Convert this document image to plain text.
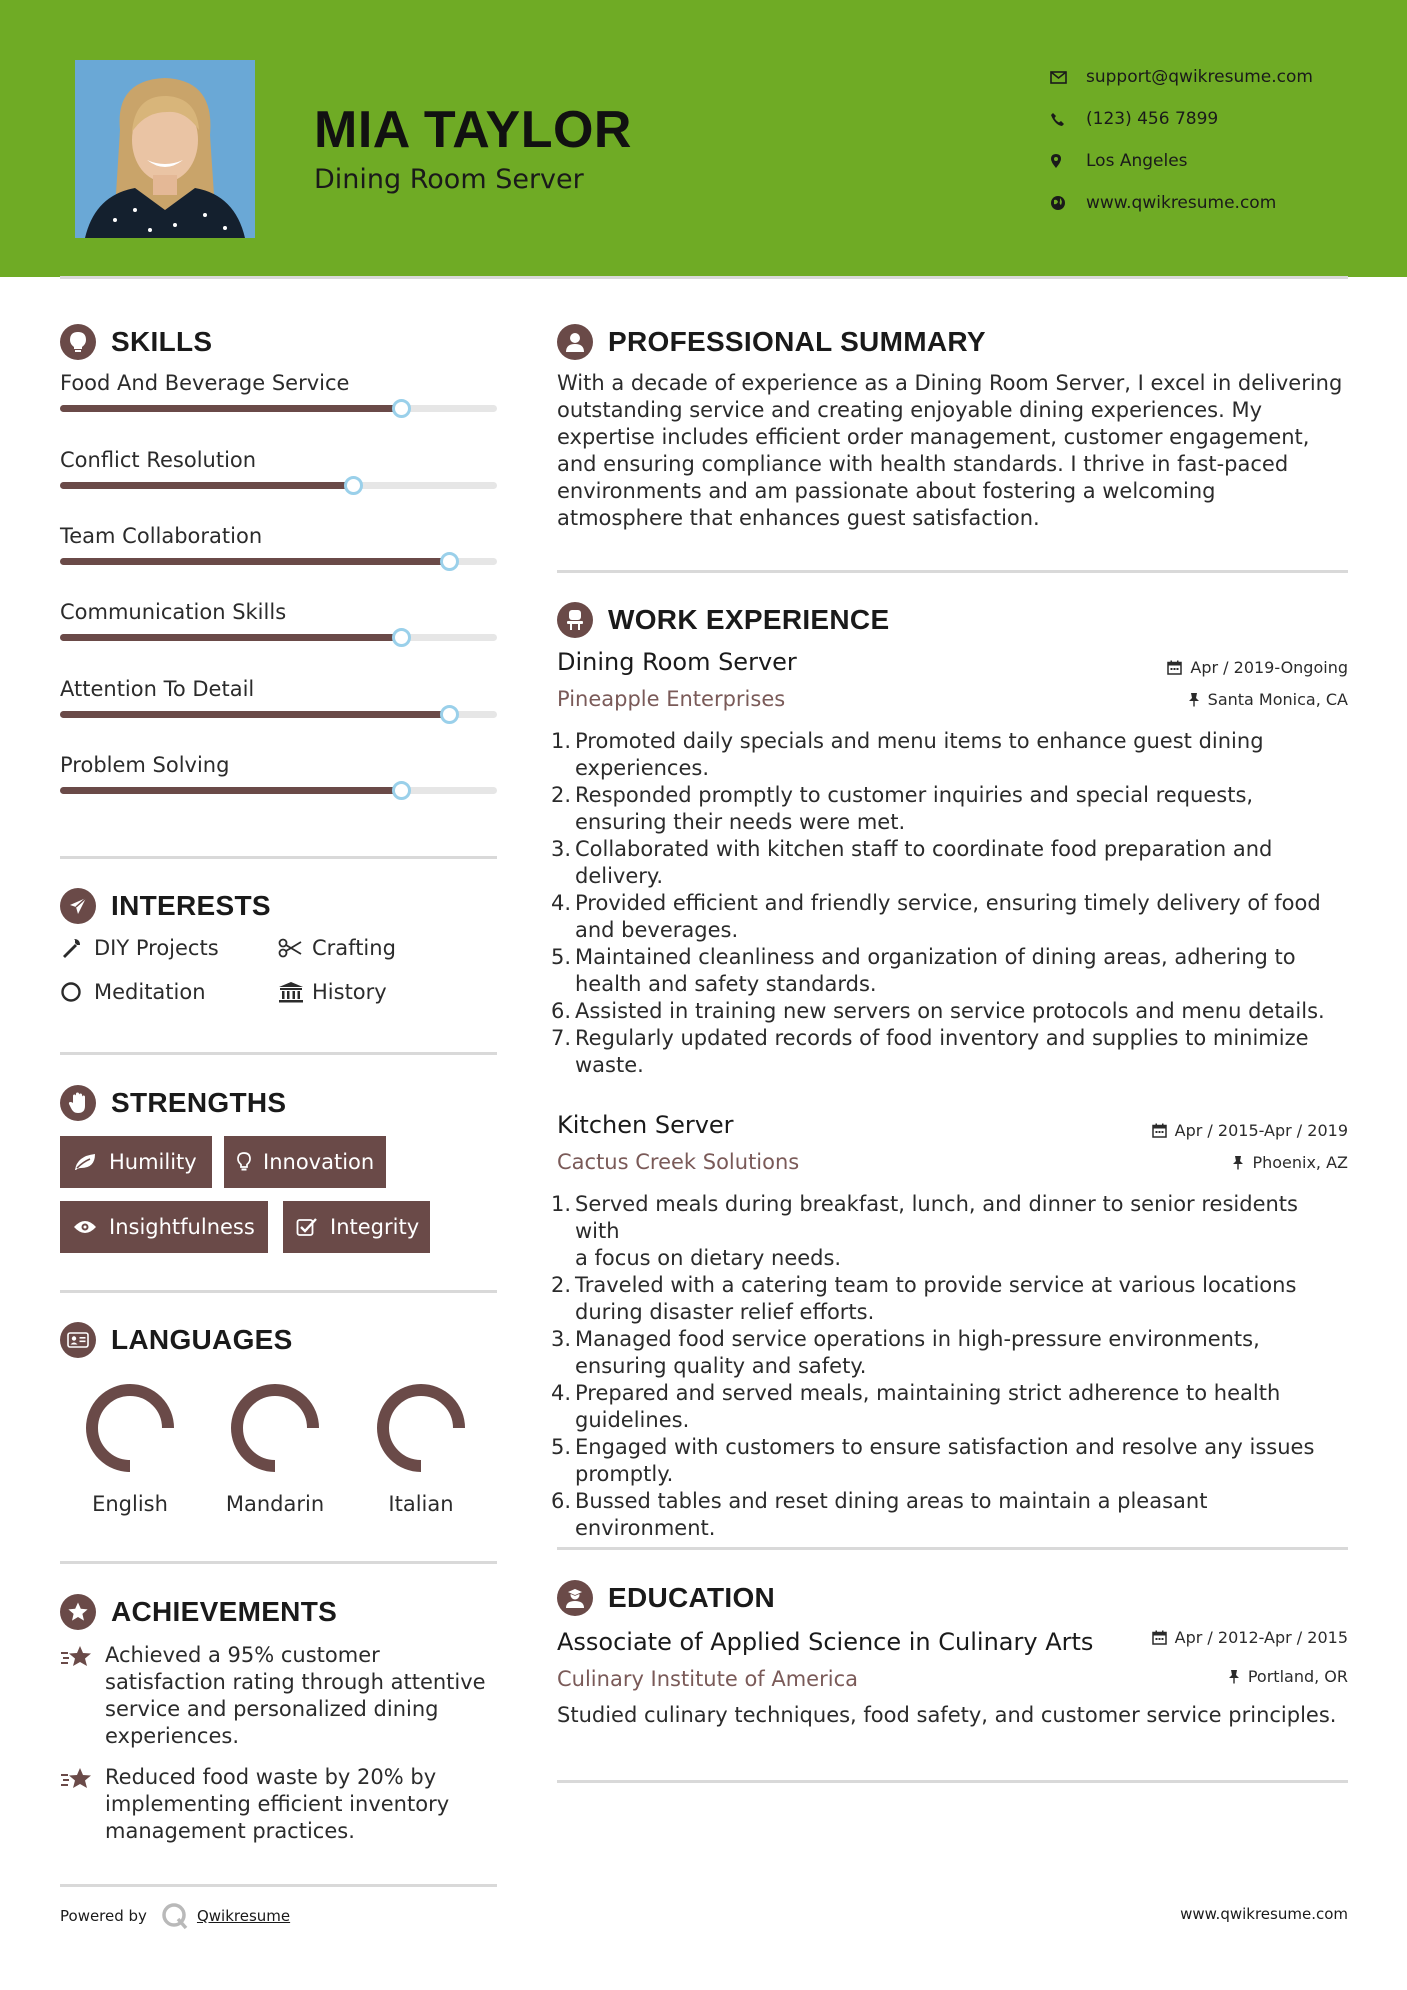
MIA TAYLOR
Dining Room Server
support@qwikresume.com
(123) 456 7899
Los Angeles
www.qwikresume.com
SKILLS
Food And Beverage Service
Conflict Resolution
Team Collaboration
Communication Skills
Attention To Detail
Problem Solving
INTERESTS
DIY Projects	Crafting
Meditation	History
STRENGTHS
Humility	Innovation
Insightfulness	Integrity
LANGUAGES
English	Mandarin	Italian
ACHIEVEMENTS
Achieved a 95% customer
satisfaction rating through attentive
service and personalized dining
experiences.
Reduced food waste by 20% by
implementing efficient inventory
management practices.
PROFESSIONAL SUMMARY
With a decade of experience as a Dining Room Server, I excel in delivering
outstanding service and creating enjoyable dining experiences. My
expertise includes efficient order management, customer engagement,
and ensuring compliance with health standards. I thrive in fast-paced
environments and am passionate about fostering a welcoming
atmosphere that enhances guest satisfaction.
WORK EXPERIENCE
Dining Room Server
Pineapple Enterprises
Apr / 2019-Ongoing
Santa Monica, CA
1. Promoted daily specials and menu items to enhance guest dining
experiences.
2. Responded promptly to customer inquiries and special requests,
ensuring their needs were met.
3. Collaborated with kitchen staff to coordinate food preparation and
delivery.
4. Provided efficient and friendly service, ensuring timely delivery of food
and beverages.
5. Maintained cleanliness and organization of dining areas, adhering to
health and safety standards.
6. Assisted in training new servers on service protocols and menu details.
7. Regularly updated records of food inventory and supplies to minimize
waste.
Kitchen Server
Cactus Creek Solutions
Apr / 2015-Apr / 2019
Phoenix, AZ
1. Served meals during breakfast, lunch, and dinner to senior residents with
a focus on dietary needs.
2. Traveled with a catering team to provide service at various locations
during disaster relief efforts.
3. Managed food service operations in high-pressure environments,
ensuring quality and safety.
4. Prepared and served meals, maintaining strict adherence to health
guidelines.
5. Engaged with customers to ensure satisfaction and resolve any issues
promptly.
6. Bussed tables and reset dining areas to maintain a pleasant environment.
EDUCATION
Associate of Applied Science in Culinary Arts
Culinary Institute of America
Apr / 2012-Apr / 2015
Portland, OR
Studied culinary techniques, food safety, and customer service principles.
Powered by	Qwikresume	www.qwikresume.com
